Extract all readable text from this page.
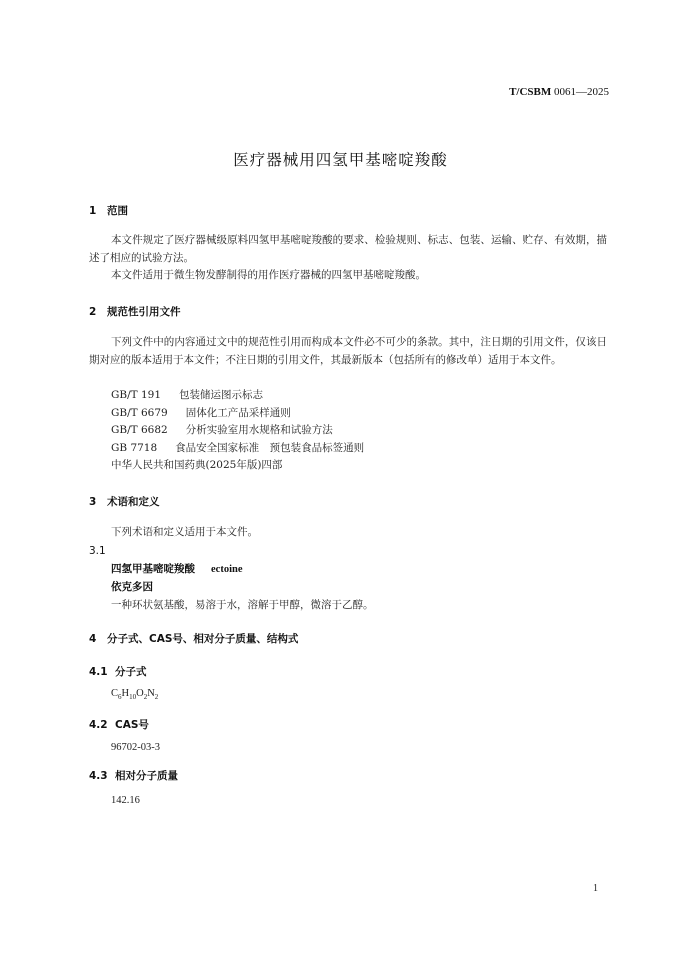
T/CSBM 0061—2025
医疗器械用四氢甲基嘧啶羧酸
1 范围
本文件规定了医疗器械级原料四氢甲基嘧啶羧酸的要求、检验规则、标志、包装、运输、贮存、有效期，描述了相应的试验方法。
本文件适用于微生物发酵制得的用作医疗器械的四氢甲基嘧啶羧酸。
2 规范性引用文件
下列文件中的内容通过文中的规范性引用而构成本文件必不可少的条款。其中，注日期的引用文件，仅该日期对应的版本适用于本文件；不注日期的引用文件，其最新版本（包括所有的修改单）适用于本文件。
GB/T 191 包装储运图示标志
GB/T 6679 固体化工产品采样通则
GB/T 6682 分析实验室用水规格和试验方法
GB 7718 食品安全国家标准　预包装食品标签通则
中华人民共和国药典(2025年版)四部
3 术语和定义
下列术语和定义适用于本文件。
3.1
四氢甲基嘧啶羧酸 ectoine
依克多因
一种环状氨基酸，易溶于水，溶解于甲醇，微溶于乙醇。
4 分子式、CAS号、相对分子质量、结构式
4.1 分子式
$C_6H_{10}O_2N_2$
4.2 CAS号
96702-03-3
4.3 相对分子质量
142.16
1
